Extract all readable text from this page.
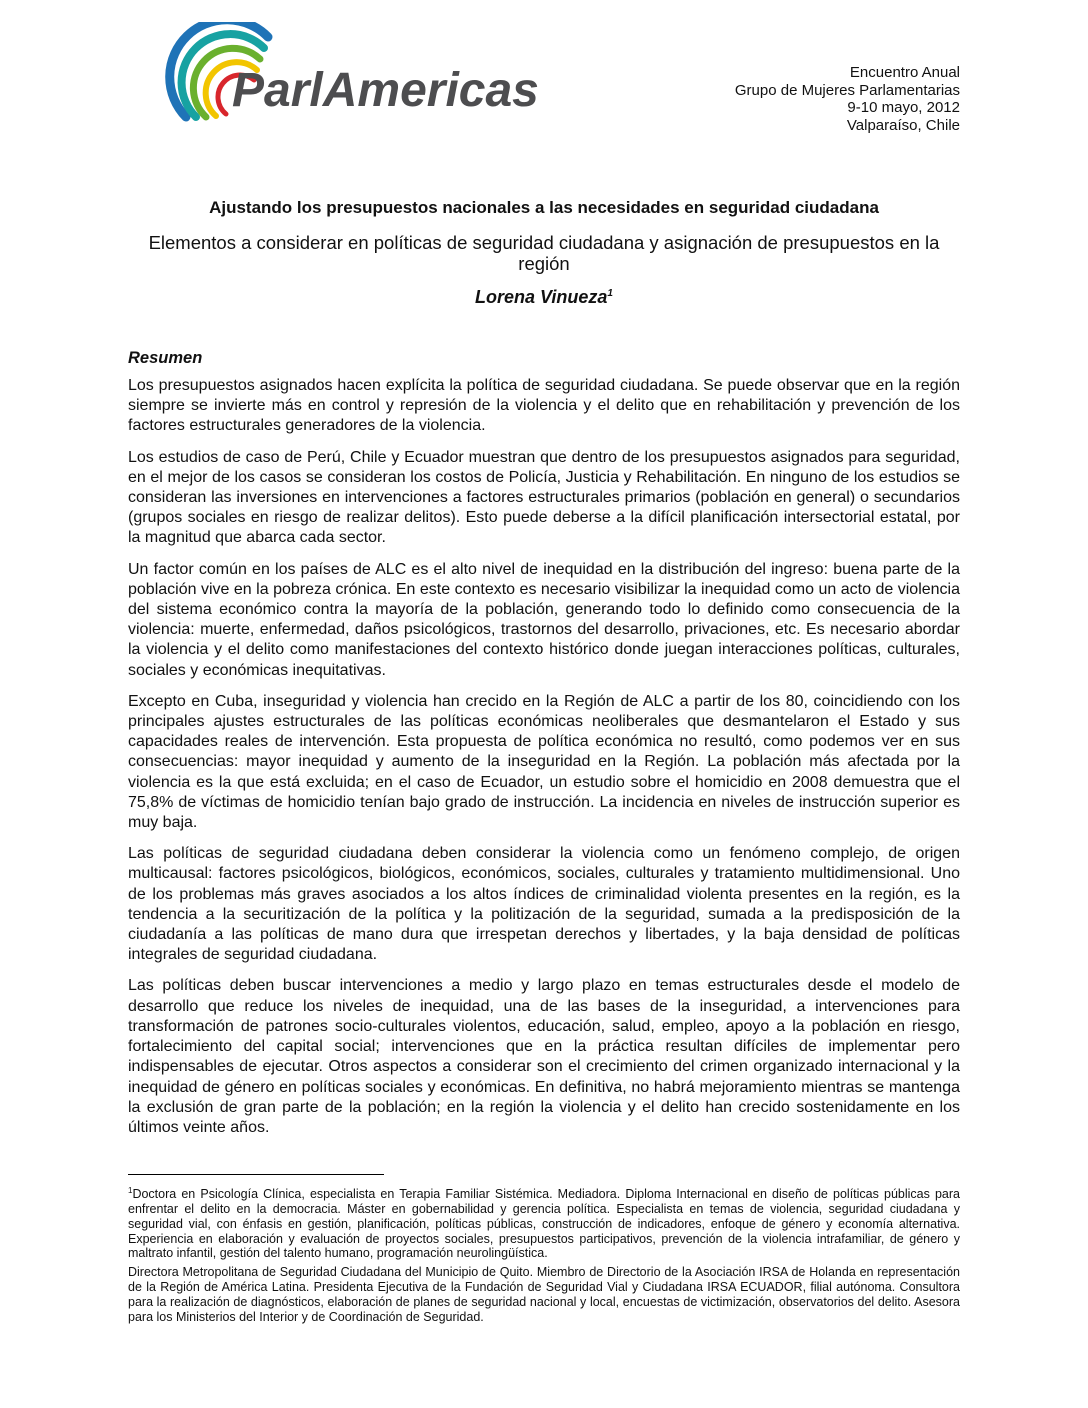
ParlAmericas	Encuentro Anual
Grupo de Mujeres Parlamentarias
9-10 mayo, 2012
Valparaíso, Chile
Ajustando los presupuestos nacionales a las necesidades en seguridad ciudadana
Elementos a considerar en políticas de seguridad ciudadana y asignación de presupuestos en la región
Lorena Vinueza$^1$

Resumen

Los presupuestos asignados hacen explícita la política de seguridad ciudadana. Se puede observar que en la región siempre se invierte más en control y represión de la violencia y el delito que en rehabilitación y prevención de los factores estructurales generadores de la violencia.

Los estudios de caso de Perú, Chile y Ecuador muestran que dentro de los presupuestos asignados para seguridad, en el mejor de los casos se consideran los costos de Policía, Justicia y Rehabilitación. En ninguno de los estudios se consideran las inversiones en intervenciones a factores estructurales primarios (población en general) o secundarios (grupos sociales en riesgo de realizar delitos). Esto puede deberse a la difícil planificación intersectorial estatal, por la magnitud que abarca cada sector.

Un factor común en los países de ALC es el alto nivel de inequidad en la distribución del ingreso: buena parte de la población vive en la pobreza crónica. En este contexto es necesario visibilizar la inequidad como un acto de violencia del sistema económico contra la mayoría de la población, generando todo lo definido como consecuencia de la violencia: muerte, enfermedad, daños psicológicos, trastornos del desarrollo, privaciones, etc. Es necesario abordar la violencia y el delito como manifestaciones del contexto histórico donde juegan interacciones políticas, culturales, sociales y económicas inequitativas.

Excepto en Cuba, inseguridad y violencia han crecido en la Región de ALC a partir de los 80, coincidiendo con los principales ajustes estructurales de las políticas económicas neoliberales que desmantelaron el Estado y sus capacidades reales de intervención. Esta propuesta de política económica no resultó, como podemos ver en sus consecuencias: mayor inequidad y aumento de la inseguridad en la Región. La población más afectada por la violencia es la que está excluida; en el caso de Ecuador, un estudio sobre el homicidio en 2008 demuestra que el 75,8% de víctimas de homicidio tenían bajo grado de instrucción. La incidencia en niveles de instrucción superior es muy baja.

Las políticas de seguridad ciudadana deben considerar la violencia como un fenómeno complejo, de origen multicausal: factores psicológicos, biológicos, económicos, sociales, culturales y tratamiento multidimensional. Uno de los problemas más graves asociados a los altos índices de criminalidad violenta presentes en la región, es la tendencia a la securitización de la política y la politización de la seguridad, sumada a la predisposición de la ciudadanía a las políticas de mano dura que irrespetan derechos y libertades, y la baja densidad de políticas integrales de seguridad ciudadana.

Las políticas deben buscar intervenciones a medio y largo plazo en temas estructurales desde el modelo de desarrollo que reduce los niveles de inequidad, una de las bases de la inseguridad, a intervenciones para transformación de patrones socio-culturales violentos, educación, salud, empleo, apoyo a la población en riesgo, fortalecimiento del capital social; intervenciones que en la práctica resultan difíciles de implementar pero indispensables de ejecutar. Otros aspectos a considerar son el crecimiento del crimen organizado internacional y la inequidad de género en políticas sociales y económicas. En definitiva, no habrá mejoramiento mientras se mantenga la exclusión de gran parte de la población; en la región la violencia y el delito han crecido sostenidamente en los últimos veinte años.

$^1$Doctora en Psicología Clínica, especialista en Terapia Familiar Sistémica. Mediadora. Diploma Internacional en diseño de políticas públicas para enfrentar el delito en la democracia. Máster en gobernabilidad y gerencia política. Especialista en temas de violencia, seguridad ciudadana y seguridad vial, con énfasis en gestión, planificación, políticas públicas, construcción de indicadores, enfoque de género y economía alternativa. Experiencia en elaboración y evaluación de proyectos sociales, presupuestos participativos, prevención de la violencia intrafamiliar, de género y maltrato infantil, gestión del talento humano, programación neurolingüística.

Directora Metropolitana de Seguridad Ciudadana del Municipio de Quito. Miembro de Directorio de la Asociación IRSA de Holanda en representación de la Región de América Latina. Presidenta Ejecutiva de la Fundación de Seguridad Vial y Ciudadana IRSA ECUADOR, filial autónoma. Consultora para la realización de diagnósticos, elaboración de planes de seguridad nacional y local, encuestas de victimización, observatorios del delito. Asesora para los Ministerios del Interior y de Coordinación de Seguridad.
